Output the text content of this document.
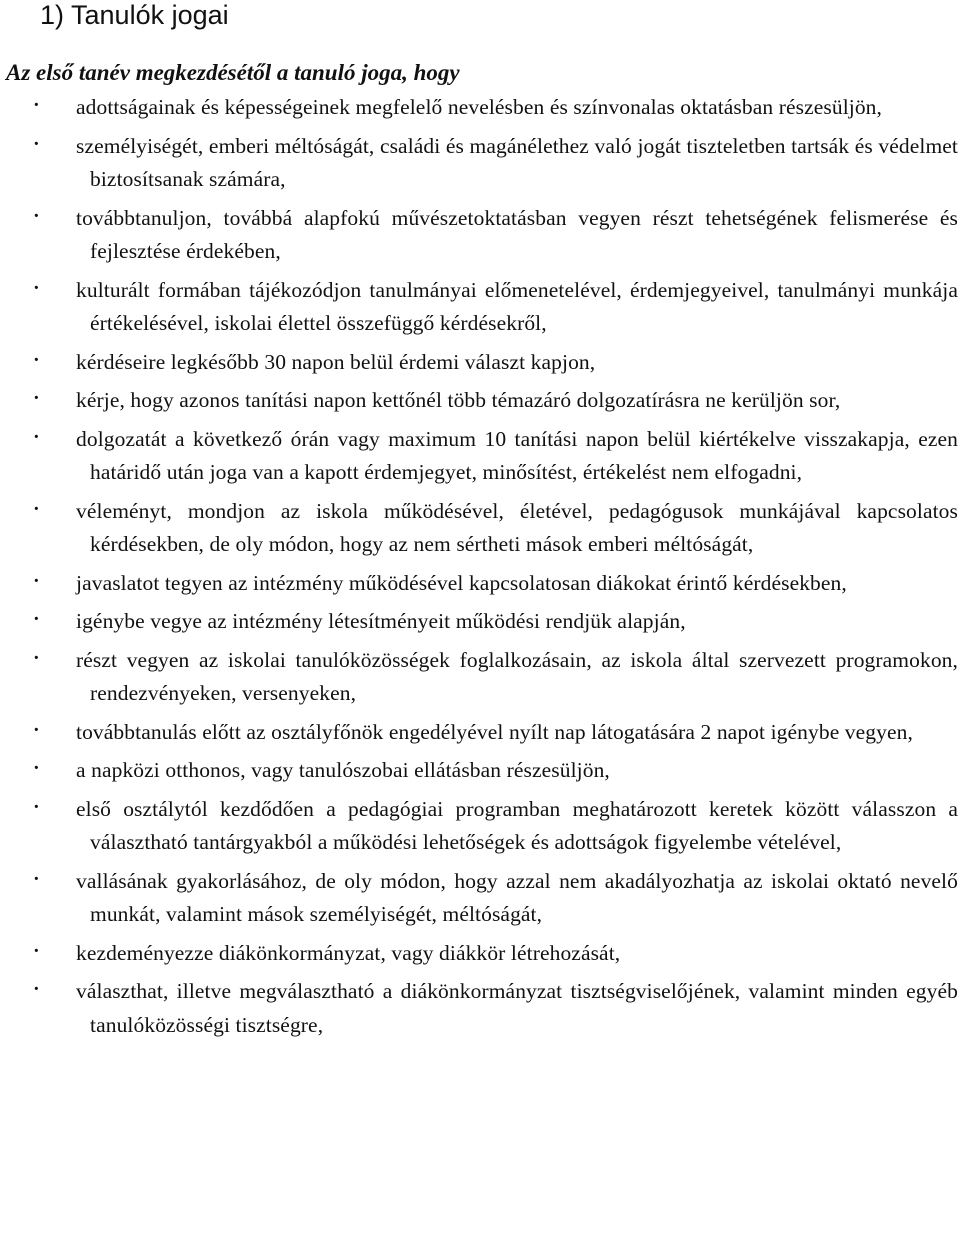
1) Tanulók jogai

Az első tanév megkezdésétől a tanuló joga, hogy

· adottságainak és képességeinek megfelelő nevelésben és színvonalas oktatásban részesüljön,
· személyiségét, emberi méltóságát, családi és magánélethez való jogát tiszteletben tartsák és védelmet biztosítsanak számára,
· továbbtanuljon, továbbá alapfokú művészetoktatásban vegyen részt tehetségének felismerése és fejlesztése érdekében,
· kulturált formában tájékozódjon tanulmányai előmenetelével, érdemjegyeivel, tanulmányi munkája értékelésével, iskolai élettel összefüggő kérdésekről,
· kérdéseire legkésőbb 30 napon belül érdemi választ kapjon,
· kérje, hogy azonos tanítási napon kettőnél több témazáró dolgozatírásra ne kerüljön sor,
· dolgozatát a következő órán vagy maximum 10 tanítási napon belül kiértékelve visszakapja, ezen határidő után joga van a kapott érdemjegyet, minősítést, értékelést nem elfogadni,
· véleményt, mondjon az iskola működésével, életével, pedagógusok munkájával kapcsolatos kérdésekben, de oly módon, hogy az nem sértheti mások emberi méltóságát,
· javaslatot tegyen az intézmény működésével kapcsolatosan diákokat érintő kérdésekben,
· igénybe vegye az intézmény létesítményeit működési rendjük alapján,
· részt vegyen az iskolai tanulóközösségek foglalkozásain, az iskola által szervezett programokon, rendezvényeken, versenyeken,
· továbbtanulás előtt az osztályfőnök engedélyével nyílt nap látogatására 2 napot igénybe vegyen,
· a napközi otthonos, vagy tanulószobai ellátásban részesüljön,
· első osztálytól kezdődően a pedagógiai programban meghatározott keretek között válasszon a választható tantárgyakból a működési lehetőségek és adottságok figyelembe vételével,
· vallásának gyakorlásához, de oly módon, hogy azzal nem akadályozhatja az iskolai oktató nevelő munkát, valamint mások személyiségét, méltóságát,
· kezdeményezze diákönkormányzat, vagy diákkör létrehozását,
· választhat, illetve megválasztható a diákönkormányzat tisztségviselőjének, valamint minden egyéb tanulóközösségi tisztségre,
